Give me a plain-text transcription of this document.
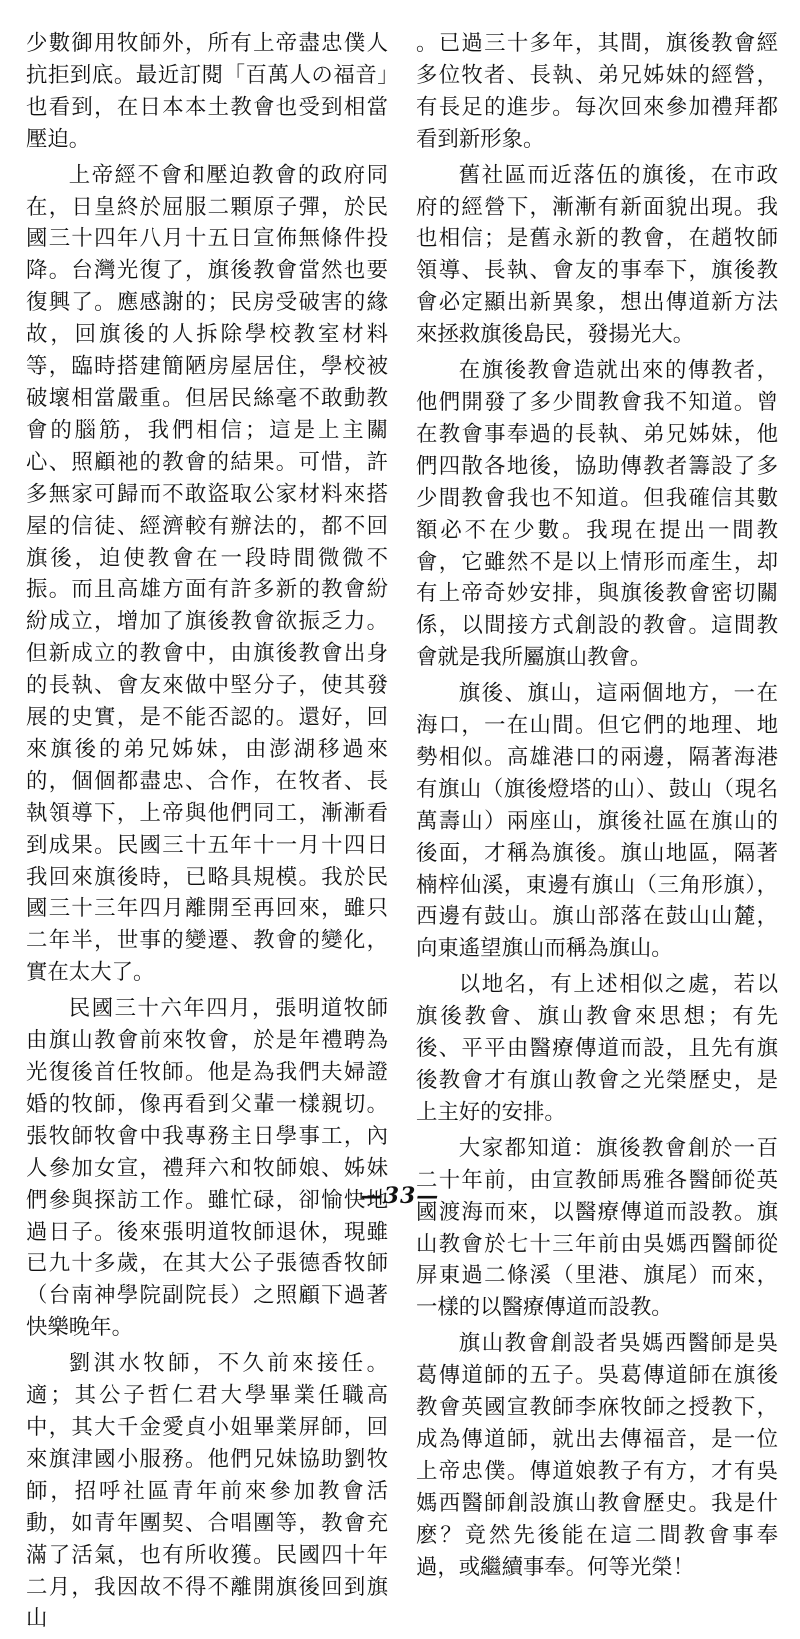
少數御用牧師外，所有上帝盡忠僕人抗拒到底。最近訂閱「百萬人の福音」也看到，在日本本土教會也受到相當壓迫。

上帝經不會和壓迫教會的政府同在，日皇終於屈服二顆原子彈，於民國三十四年八月十五日宣佈無條件投降。台灣光復了，旗後教會當然也要復興了。應感謝的；民房受破害的緣故，回旗後的人拆除學校教室材料等，臨時搭建簡陋房屋居住，學校被破壞相當嚴重。但居民絲毫不敢動教會的腦筋，我們相信；這是上主關心、照顧祂的教會的結果。可惜，許多無家可歸而不敢盜取公家材料來搭屋的信徒、經濟較有辦法的，都不回旗後，迫使教會在一段時間微微不振。而且高雄方面有許多新的教會紛紛成立，增加了旗後教會欲振乏力。但新成立的教會中，由旗後教會出身的長執、會友來做中堅分子，使其發展的史實，是不能否認的。還好，回來旗後的弟兄姊妹，由澎湖移過來的，個個都盡忠、合作，在牧者、長執領導下，上帝與他們同工，漸漸看到成果。民國三十五年十一月十四日我回來旗後時，已略具規模。我於民國三十三年四月離開至再回來，雖只二年半，世事的變遷、教會的變化，實在太大了。

民國三十六年四月，張明道牧師由旗山教會前來牧會，於是年禮聘為光復後首任牧師。他是為我們夫婦證婚的牧師，像再看到父輩一樣親切。張牧師牧會中我專務主日學事工，內人參加女宣，禮拜六和牧師娘、姊妹們參與探訪工作。雖忙碌，卻愉快地過日子。後來張明道牧師退休，現雖已九十多歲，在其大公子張德香牧師（台南神學院副院長）之照顧下過著快樂晚年。

劉淇水牧師，不久前來接任。適；其公子哲仁君大學畢業任職高中，其大千金愛貞小姐畢業屏師，回來旗津國小服務。他們兄妹協助劉牧師，招呼社區青年前來參加教會活動，如青年團契、合唱團等，教會充滿了活氣，也有所收獲。民國四十年二月，我因故不得不離開旗後回到旗山

。已過三十多年，其間，旗後教會經多位牧者、長執、弟兄姊妹的經營，有長足的進步。每次回來參加禮拜都看到新形象。

舊社區而近落伍的旗後，在市政府的經營下，漸漸有新面貌出現。我也相信；是舊永新的教會，在趙牧師領導、長執、會友的事奉下，旗後教會必定顯出新異象，想出傳道新方法來拯救旗後島民，發揚光大。

在旗後教會造就出來的傳教者，他們開發了多少間教會我不知道。曾在教會事奉過的長執、弟兄姊妹，他們四散各地後，協助傳教者籌設了多少間教會我也不知道。但我確信其數額必不在少數。我現在提出一間教會，它雖然不是以上情形而產生，却有上帝奇妙安排，與旗後教會密切關係，以間接方式創設的教會。這間教會就是我所屬旗山教會。

旗後、旗山，這兩個地方，一在海口，一在山間。但它們的地理、地勢相似。高雄港口的兩邊，隔著海港有旗山（旗後燈塔的山）、鼓山（現名萬壽山）兩座山，旗後社區在旗山的後面，才稱為旗後。旗山地區，隔著楠梓仙溪，東邊有旗山（三角形旗），西邊有鼓山。旗山部落在鼓山山麓，向東遙望旗山而稱為旗山。

以地名，有上述相似之處，若以旗後教會、旗山教會來思想；有先後、平平由醫療傳道而設，且先有旗後教會才有旗山教會之光榮歷史，是上主好的安排。

大家都知道：旗後教會創於一百二十年前，由宣教師馬雅各醫師從英國渡海而來，以醫療傳道而設教。旗山教會於七十三年前由吳媽西醫師從屏東過二條溪（里港、旗尾）而來，一樣的以醫療傳道而設教。

旗山教會創設者吳媽西醫師是吳葛傳道師的五子。吳葛傳道師在旗後教會英國宣教師李庥牧師之授教下，成為傳道師，就出去傳福音，是一位上帝忠僕。傳道娘教子有方，才有吳媽西醫師創設旗山教會歷史。我是什麽？竟然先後能在這二間教會事奉過，或繼續事奉。何等光榮！

—33—
